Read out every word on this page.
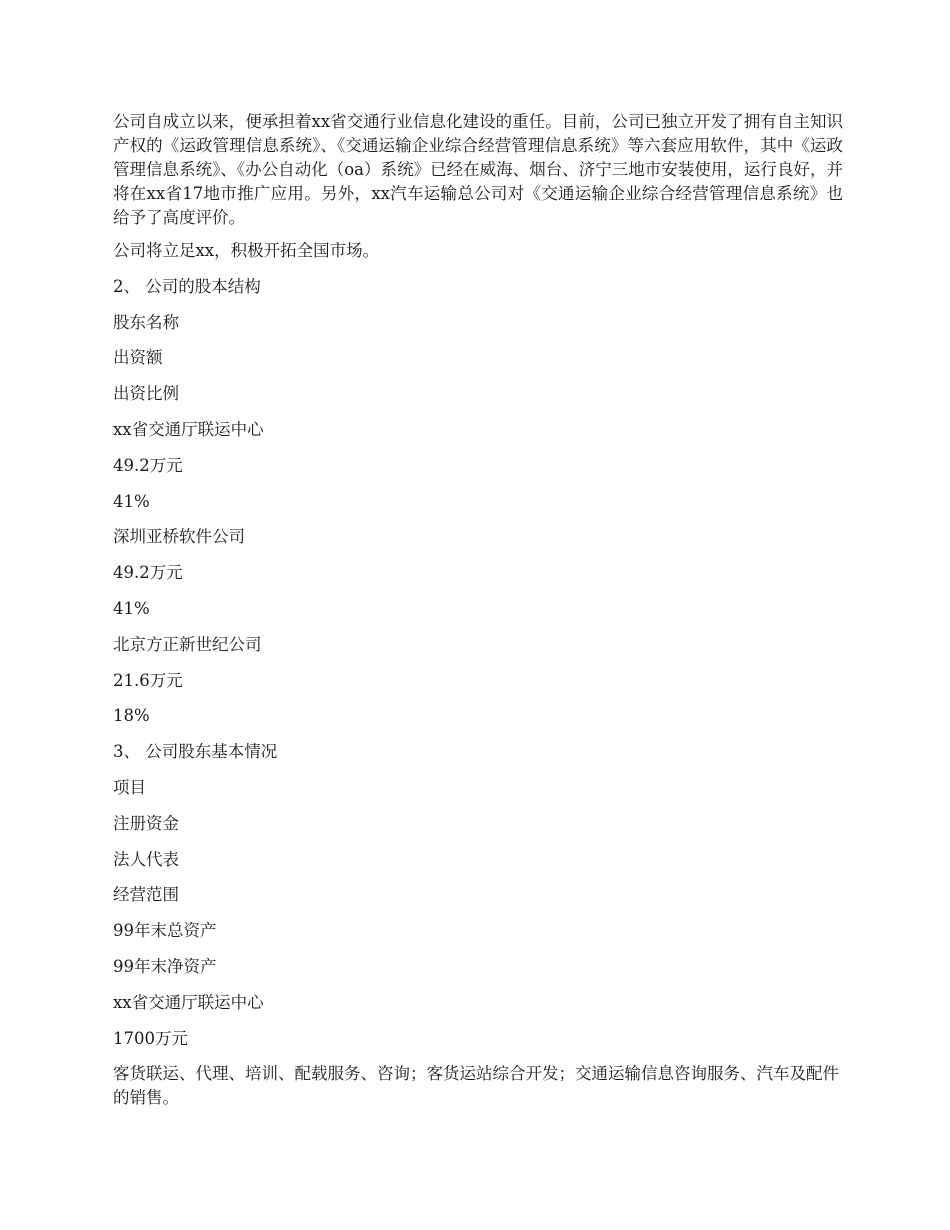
公司自成立以来，便承担着xx省交通行业信息化建设的重任。目前，公司已独立开发了拥有自主知识产权的《运政管理信息系统》、《交通运输企业综合经营管理信息系统》等六套应用软件，其中《运政管理信息系统》、《办公自动化（oa）系统》已经在威海、烟台、济宁三地市安装使用，运行良好，并将在xx省17地市推广应用。另外，xx汽车运输总公司对《交通运输企业综合经营管理信息系统》也给予了高度评价。

公司将立足xx，积极开拓全国市场。

2、 公司的股本结构

股东名称

出资额

出资比例

xx省交通厅联运中心

49.2万元

41%

深圳亚桥软件公司

49.2万元

41%

北京方正新世纪公司

21.6万元

18%

3、 公司股东基本情况

项目

注册资金

法人代表

经营范围

99年末总资产

99年末净资产

xx省交通厅联运中心

1700万元

客货联运、代理、培训、配载服务、咨询；客货运站综合开发；交通运输信息咨询服务、汽车及配件的销售。
